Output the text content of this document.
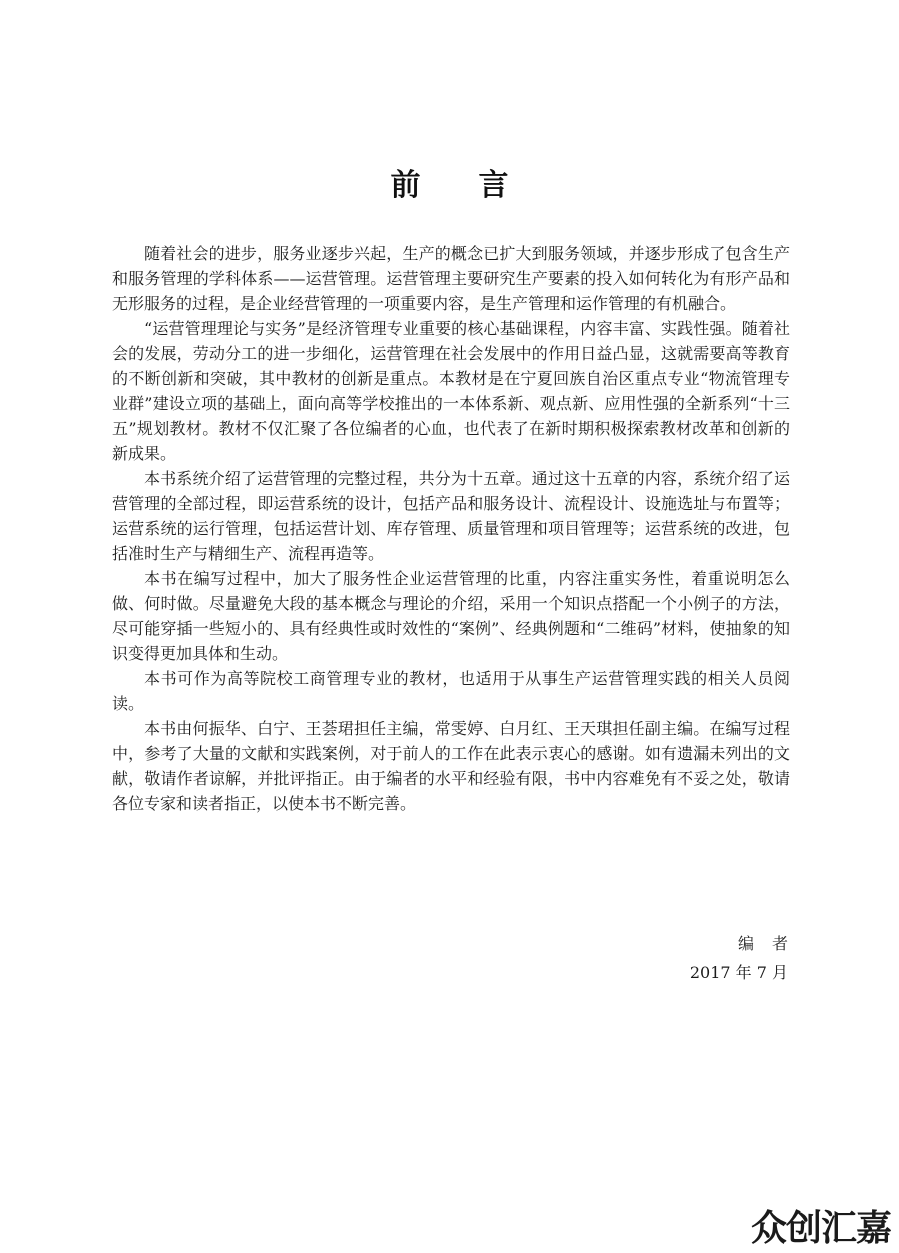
前言

随着社会的进步，服务业逐步兴起，生产的概念已扩大到服务领域，并逐步形成了包含生产和服务管理的学科体系——运营管理。运营管理主要研究生产要素的投入如何转化为有形产品和无形服务的过程，是企业经营管理的一项重要内容，是生产管理和运作管理的有机融合。

“运营管理理论与实务”是经济管理专业重要的核心基础课程，内容丰富、实践性强。随着社会的发展，劳动分工的进一步细化，运营管理在社会发展中的作用日益凸显，这就需要高等教育的不断创新和突破，其中教材的创新是重点。本教材是在宁夏回族自治区重点专业“物流管理专业群”建设立项的基础上，面向高等学校推出的一本体系新、观点新、应用性强的全新系列“十三五”规划教材。教材不仅汇聚了各位编者的心血，也代表了在新时期积极探索教材改革和创新的新成果。

本书系统介绍了运营管理的完整过程，共分为十五章。通过这十五章的内容，系统介绍了运营管理的全部过程，即运营系统的设计，包括产品和服务设计、流程设计、设施选址与布置等；运营系统的运行管理，包括运营计划、库存管理、质量管理和项目管理等；运营系统的改进，包括准时生产与精细生产、流程再造等。

本书在编写过程中，加大了服务性企业运营管理的比重，内容注重实务性，着重说明怎么做、何时做。尽量避免大段的基本概念与理论的介绍，采用一个知识点搭配一个小例子的方法，尽可能穿插一些短小的、具有经典性或时效性的“案例”、经典例题和“二维码”材料，使抽象的知识变得更加具体和生动。

本书可作为高等院校工商管理专业的教材，也适用于从事生产运营管理实践的相关人员阅读。

本书由何振华、白宁、王荟珺担任主编，常雯婷、白月红、王天琪担任副主编。在编写过程中，参考了大量的文献和实践案例，对于前人的工作在此表示衷心的感谢。如有遗漏未列出的文献，敬请作者谅解，并批评指正。由于编者的水平和经验有限，书中内容难免有不妥之处，敬请各位专家和读者指正，以使本书不断完善。

编者
2017 年 7 月
众创汇嘉
